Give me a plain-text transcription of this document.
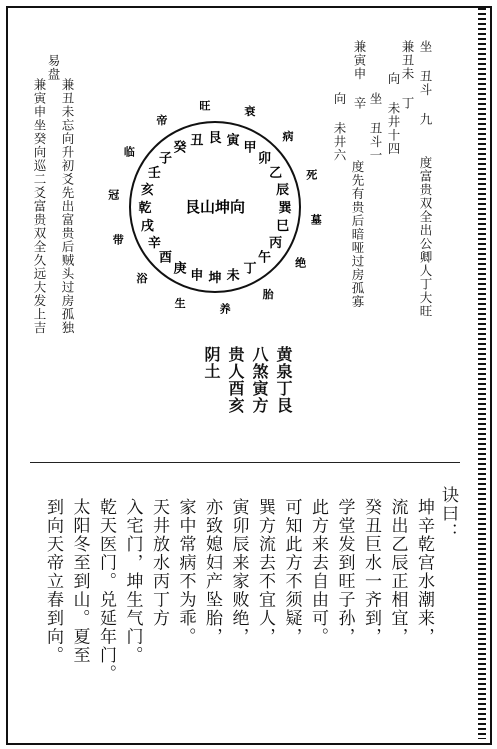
易盘
兼丑未忘向升初爻先出富贵后贼头过房孤独
兼寅申坐癸向巡二爻富贵双全久远大发上吉	坐 丑斗 九
兼丑未 丁
向 未井十四
兼寅申 辛
坐 丑斗一
向 未井六
度富贵双全出公卿人丁大旺
度先有贵后暗哑过房孤寡
癸 丑 艮 寅 甲
卯
乙
辰
巽
巳
丙
午
丁
未
坤
申
庚
酉
辛
戌
乾
亥
壬
子
衰
病
死
墓
绝
胎
养
生
浴
带
冠
临
帝
旺
艮山坤向
黄泉丁艮
八煞寅方
贵人酉亥
阴土
诀曰：
坤辛乾宫水潮来，
流出乙辰正相宜，
癸丑巨水一齐到，
学堂发到旺子孙，
此方来去自由可。
可知此方不须疑，
巽方流去不宜人，
寅卯辰来家败绝，
亦致媳妇产坠胎，
家中常病不为乖。
天井放水丙丁方
入宅门，坤生气门。
乾天医门。兑延年门。
太阳冬至到山。夏至
到向天帝立春到向。
